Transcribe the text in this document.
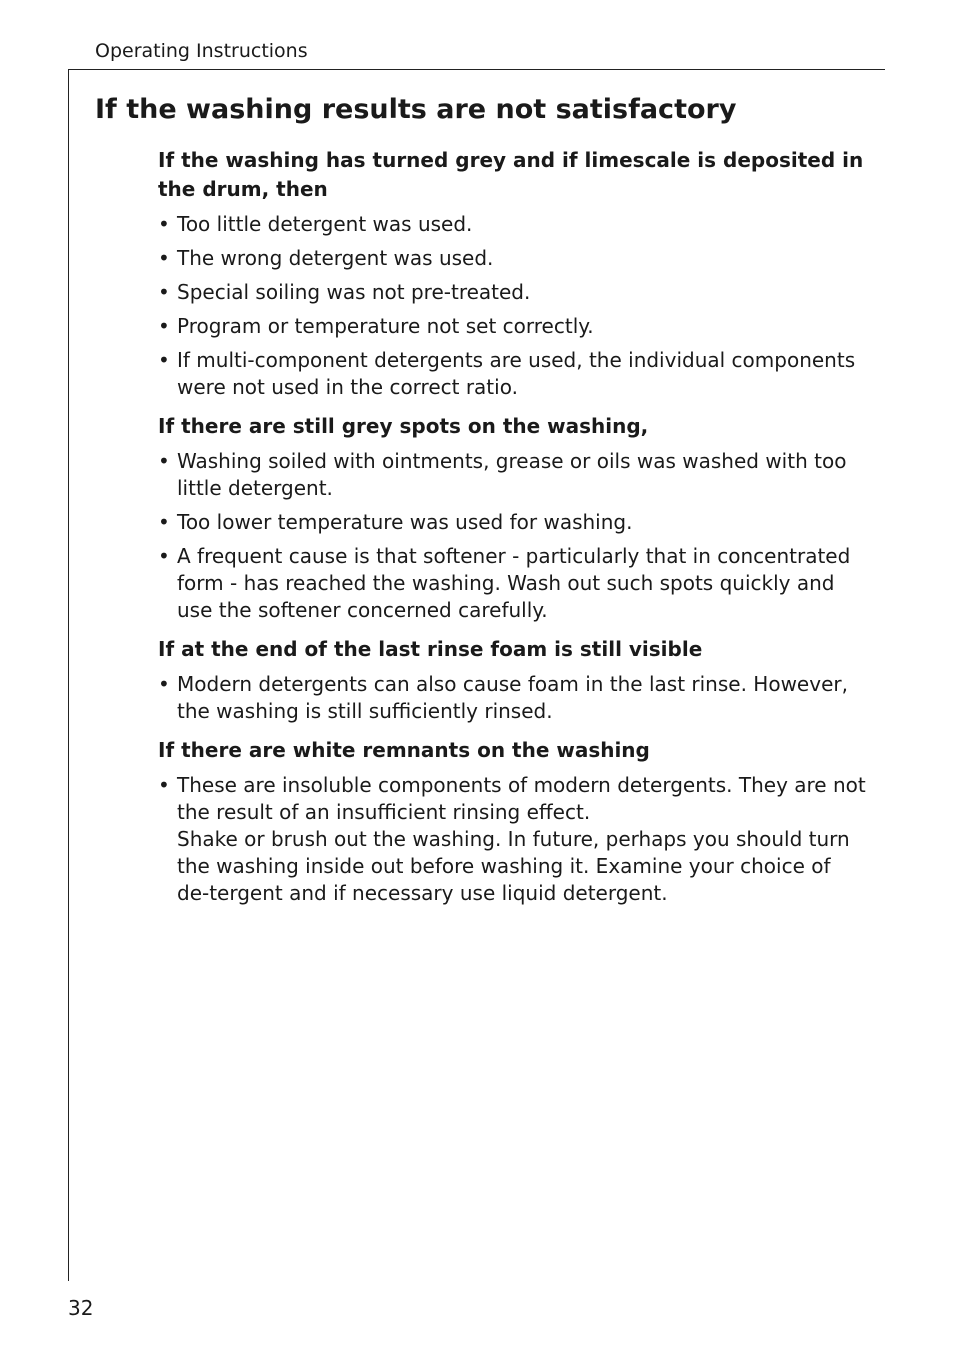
Operating Instructions
If the washing results are not satisfactory
If the washing has turned grey and if limescale is deposited in the drum, then
• Too little detergent was used.
• The wrong detergent was used.
• Special soiling was not pre-treated.
• Program or temperature not set correctly.
• If multi-component detergents are used, the individual components were not used in the correct ratio.
If there are still grey spots on the washing,
• Washing soiled with ointments, grease or oils was washed with too little detergent.
• Too lower temperature was used for washing.
• A frequent cause is that softener - particularly that in concentrated form - has reached the washing. Wash out such spots quickly and use the softener concerned carefully.
If at the end of the last rinse foam is still visible
• Modern detergents can also cause foam in the last rinse. However, the washing is still sufficiently rinsed.
If there are white remnants on the washing
• These are insoluble components of modern detergents. They are not the result of an insufficient rinsing effect.
Shake or brush out the washing. In future, perhaps you should turn the washing inside out before washing it. Examine your choice of de-tergent and if necessary use liquid detergent.
32
